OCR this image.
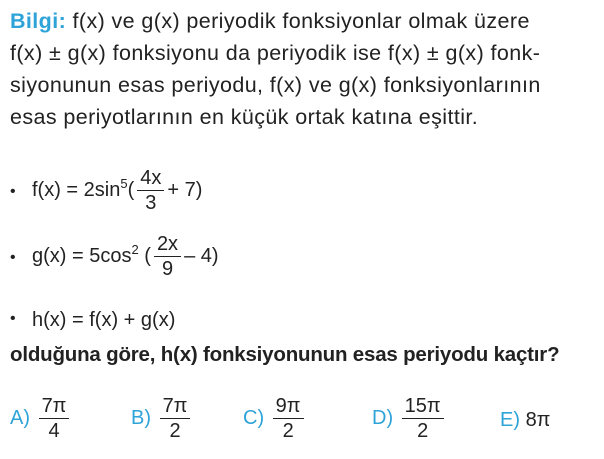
Bilgi: f(x) ve g(x) periyodik fonksiyonlar olmak üzere
f(x) ± g(x) fonksiyonu da periyodik ise f(x) ± g(x) fonk-
siyonunun esas periyodu, f(x) ve g(x) fonksiyonlarının
esas periyotlarının en küçük ortak katına eşittir.
• $f(x) = 2\sin^5( \frac{4x}{3} + 7)$
• $g(x) = 5\cos^2$ ( $\frac{2x}{9} - 4$)
• h(x) = f(x) + g(x)
olduğuna göre, h(x) fonksiyonunun esas periyodu kaçtır?
$A) \frac{7\pi}{4}$	$B) \frac{7\pi}{2}$	$C) \frac{9\pi}{2}$	$D) \frac{15\pi}{2}$	E) 8π
